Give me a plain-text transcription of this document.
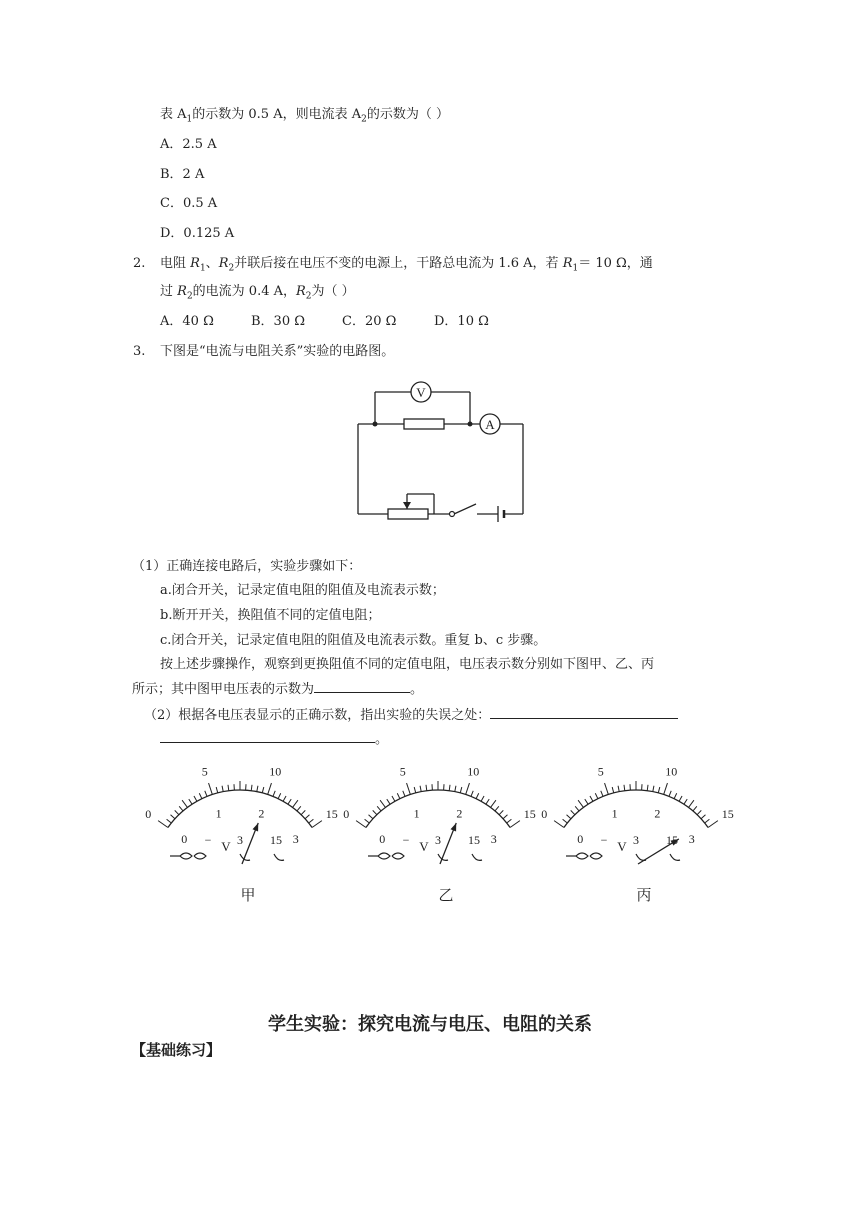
表 $A_1$的示数为 0.5 A，则电流表 $A_2$的示数为（ ）
A．2.5 A
B．2 A
C．0.5 A
D．0.125 A
2. 电阻 $R_1$、$R_2$并联后接在电压不变的电源上，干路总电流为 1.6 A，若 $R_1= 10$ Ω，通
过 $R_2$的电流为 0.4 A，$R_2$为（ ）
A．40 Ω	B．30 Ω	C．20 Ω	D．10 Ω
3. 下图是“电流与电阻关系”实验的电路图。
V
A
（1）正确连接电路后，实验步骤如下：
a.闭合开关，记录定值电阻的阻值及电流表示数；
b.断开开关，换阻值不同的定值电阻；
c.闭合开关，记录定值电阻的阻值及电流表示数。重复 b、c 步骤。
按上述步骤操作，观察到更换阻值不同的定值电阻，电压表示数分别如下图甲、乙、丙
所示；其中图甲电压表的示数为	。
（2）根据各电压表显示的正确示数，指出实验的失误之处：
。
0
5	10
15
0
1	2
3
V
− 3 15
甲
0
5	10
15
0
1	2
3
V
− 3 15
乙
0
5	10
15
0
1	2
3
V
− 3 15
丙
学生实验：探究电流与电压、电阻的关系
【基础练习】
